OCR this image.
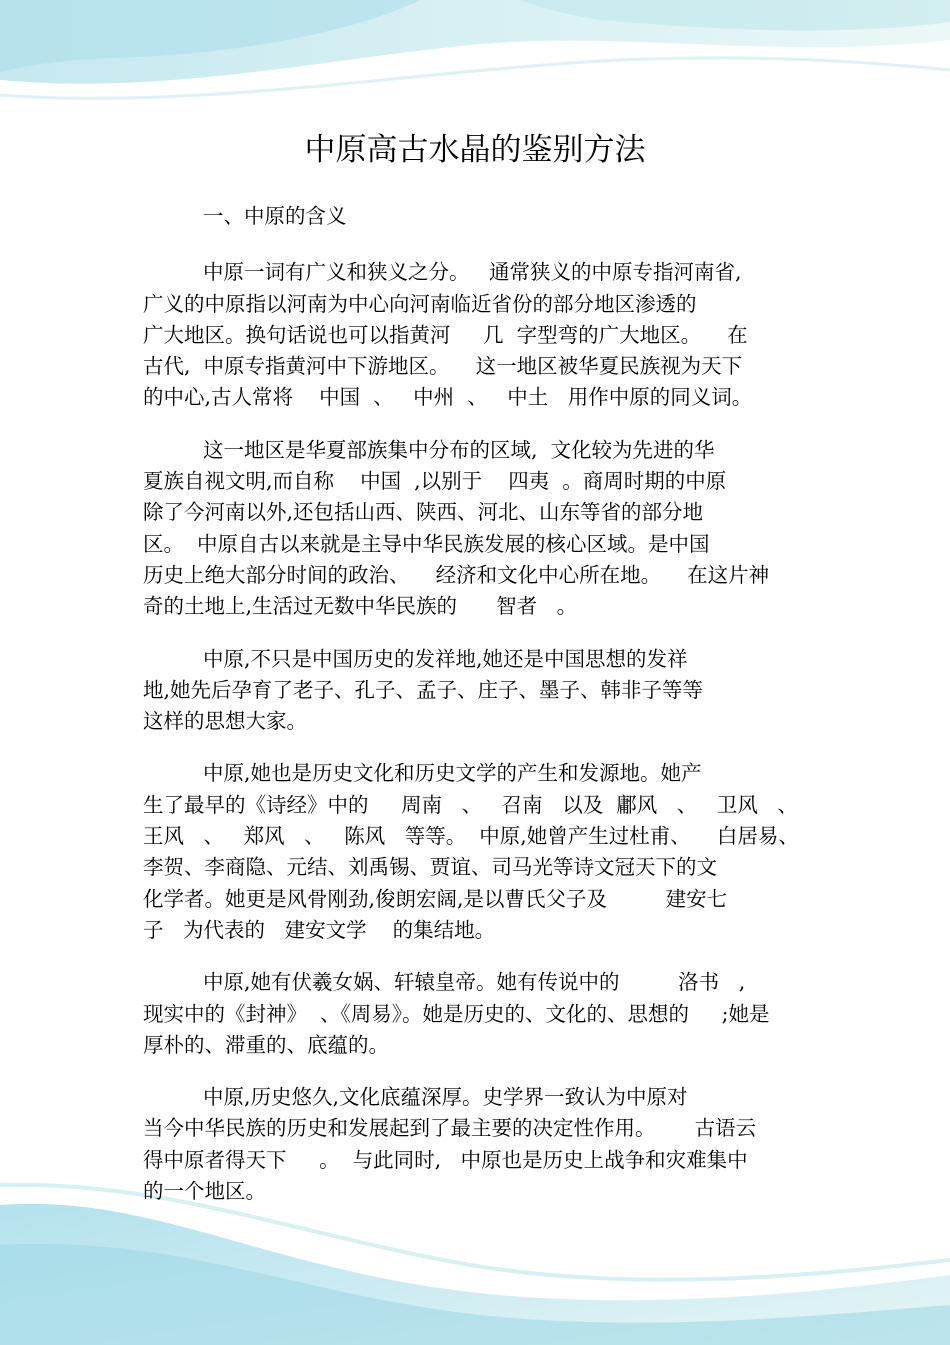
中原高古水晶的鉴别方法
一、中原的含义
中原一词有广义和狭义之分。   通常狭义的中原专指河南省,
广义的中原指以河南为中心向河南临近省份的部分地区渗透的
广大地区。换句话说也可以指黄河     几  字型弯的广大地区。    在
古代,  中原专指黄河中下游地区。    这一地区被华夏民族视为天下
的中心,古人常将    中国  、   中州  、   中土   用作中原的同义词。
这一地区是华夏部族集中分布的区域,  文化较为先进的华
夏族自视文明,而自称    中国  ,以别于    四夷  。商周时期的中原
除了今河南以外,还包括山西、陕西、河北、山东等省的部分地
区。  中原自古以来就是主导中华民族发展的核心区域。是中国
历史上绝大部分时间的政治、    经济和文化中心所在地。    在这片神
奇的土地上,生活过无数中华民族的      智者   。
中原,不只是中国历史的发祥地,她还是中国思想的发祥
地,她先后孕育了老子、孔子、孟子、庄子、墨子、韩非子等等
这样的思想大家。
中原,她也是历史文化和历史文学的产生和发源地。她产
生了最早的《诗经》中的     周南   、   召南   以及  鄘风   、   卫风   、
王风   、   郑风   、   陈风   等等。  中原,她曾产生过杜甫、    白居易、
李贺、李商隐、元结、刘禹锡、贾谊、司马光等诗文冠天下的文
化学者。她更是风骨刚劲,俊朗宏阔,是以曹氏父子及         建安七
子   为代表的   建安文学    的集结地。
中原,她有伏羲女娲、轩辕皇帝。她有传说中的         洛书   ,
现实中的《封神》  、《周易》。她是历史的、文化的、思想的     ;她是
厚朴的、滞重的、底蕴的。
中原,历史悠久,文化底蕴深厚。史学界一致认为中原对
当今中华民族的历史和发展起到了最主要的决定性作用。      古语云
得中原者得天下     。  与此同时,   中原也是历史上战争和灾难集中
的一个地区。
